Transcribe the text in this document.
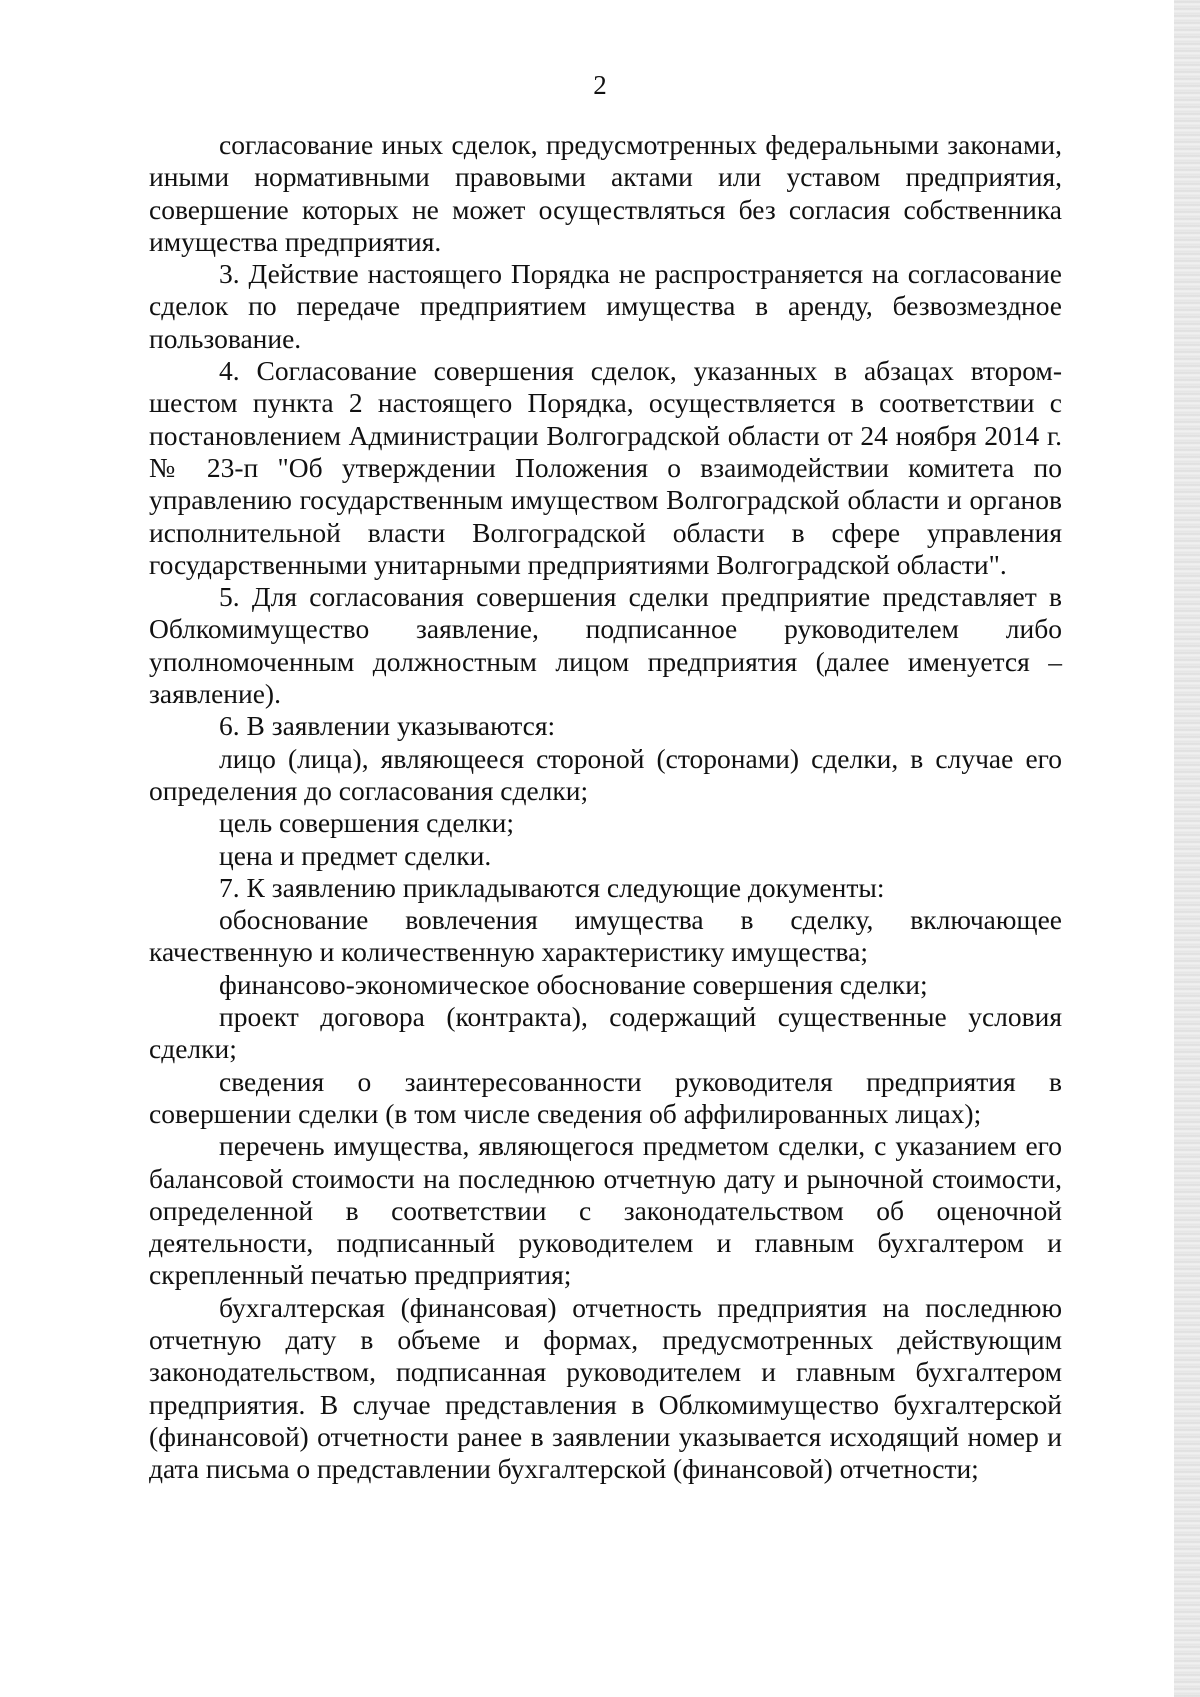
2

согласование иных сделок, предусмотренных федеральными законами, иными нормативными правовыми актами или уставом предприятия, совершение которых не может осуществляться без согласия собственника имущества предприятия.

3. Действие настоящего Порядка не распространяется на согласование сделок по передаче предприятием имущества в аренду, безвозмездное пользование.

4. Согласование совершения сделок, указанных в абзацах втором-шестом пункта 2 настоящего Порядка, осуществляется в соответствии с постановлением Администрации Волгоградской области от 24 ноября 2014 г. № 23-п "Об утверждении Положения о взаимодействии комитета по управлению государственным имуществом Волгоградской области и органов исполнительной власти Волгоградской области в сфере управления государственными унитарными предприятиями Волгоградской области".

5. Для согласования совершения сделки предприятие представляет в Облкомимущество заявление, подписанное руководителем либо уполномоченным должностным лицом предприятия (далее именуется – заявление).

6. В заявлении указываются:

лицо (лица), являющееся стороной (сторонами) сделки, в случае его определения до согласования сделки;

цель совершения сделки;

цена и предмет сделки.

7. К заявлению прикладываются следующие документы:

обоснование вовлечения имущества в сделку, включающее качественную и количественную характеристику имущества;

финансово-экономическое обоснование совершения сделки;

проект договора (контракта), содержащий существенные условия сделки;

сведения о заинтересованности руководителя предприятия в совершении сделки (в том числе сведения об аффилированных лицах);

перечень имущества, являющегося предметом сделки, с указанием его балансовой стоимости на последнюю отчетную дату и рыночной стоимости, определенной в соответствии с законодательством об оценочной деятельности, подписанный руководителем и главным бухгалтером и скрепленный печатью предприятия;

бухгалтерская (финансовая) отчетность предприятия на последнюю отчетную дату в объеме и формах, предусмотренных действующим законодательством, подписанная руководителем и главным бухгалтером предприятия. В случае представления в Облкомимущество бухгалтерской (финансовой) отчетности ранее в заявлении указывается исходящий номер и дата письма о представлении бухгалтерской (финансовой) отчетности;
